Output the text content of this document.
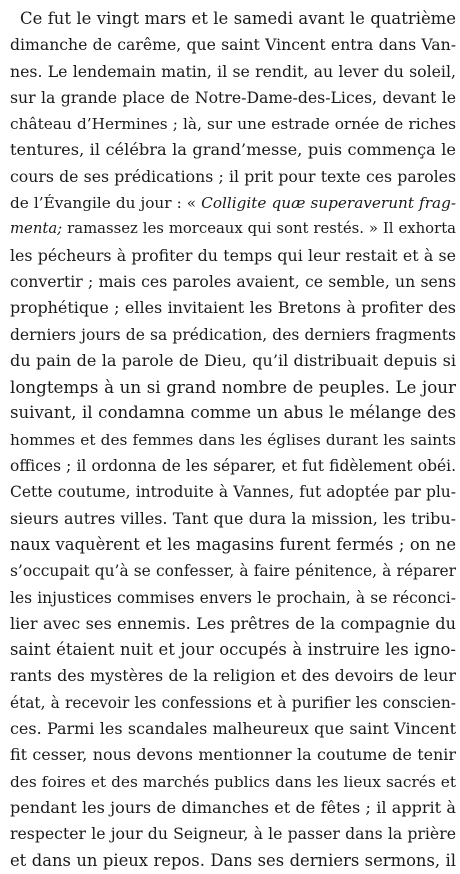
Ce fut le vingt mars et le samedi avant le quatrième
dimanche de carême, que saint Vincent entra dans Van-
nes. Le lendemain matin, il se rendit, au lever du soleil,
sur la grande place de Notre-Dame-des-Lices, devant le
château d’Hermines ; là, sur une estrade ornée de riches
tentures, il célébra la grand’messe, puis commença le
cours de ses prédications ; il prit pour texte ces paroles
de l’Évangile du jour : « Colligite quæ superaverunt frag-
menta; ramassez les morceaux qui sont restés. » Il exhorta
les pécheurs à profiter du temps qui leur restait et à se
convertir ; mais ces paroles avaient, ce semble, un sens
prophétique ; elles invitaient les Bretons à profiter des
derniers jours de sa prédication, des derniers fragments
du pain de la parole de Dieu, qu’il distribuait depuis si
longtemps à un si grand nombre de peuples. Le jour
suivant, il condamna comme un abus le mélange des
hommes et des femmes dans les églises durant les saints
offices ; il ordonna de les séparer, et fut fidèlement obéi.
Cette coutume, introduite à Vannes, fut adoptée par plu-
sieurs autres villes. Tant que dura la mission, les tribu-
naux vaquèrent et les magasins furent fermés ; on ne
s’occupait qu’à se confesser, à faire pénitence, à réparer
les injustices commises envers le prochain, à se réconci-
lier avec ses ennemis. Les prêtres de la compagnie du
saint étaient nuit et jour occupés à instruire les igno-
rants des mystères de la religion et des devoirs de leur
état, à recevoir les confessions et à purifier les conscien-
ces. Parmi les scandales malheureux que saint Vincent
fit cesser, nous devons mentionner la coutume de tenir
des foires et des marchés publics dans les lieux sacrés et
pendant les jours de dimanches et de fêtes ; il apprit à
respecter le jour du Seigneur, à le passer dans la prière
et dans un pieux repos. Dans ses derniers sermons, il
